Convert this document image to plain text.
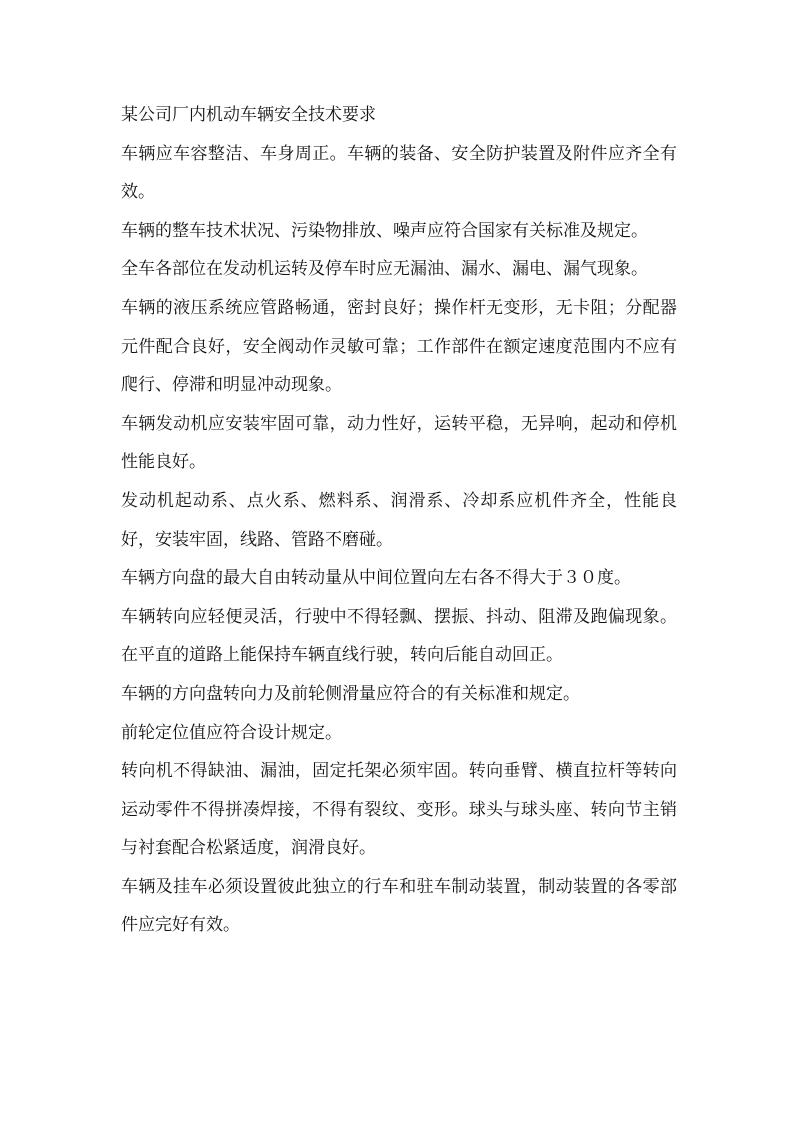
某公司厂内机动车辆安全技术要求

车辆应车容整洁、车身周正。车辆的装备、安全防护装置及附件应齐全有效。

车辆的整车技术状况、污染物排放、噪声应符合国家有关标准及规定。

全车各部位在发动机运转及停车时应无漏油、漏水、漏电、漏气现象。

车辆的液压系统应管路畅通，密封良好；操作杆无变形，无卡阻；分配器元件配合良好，安全阀动作灵敏可靠；工作部件在额定速度范围内不应有爬行、停滞和明显冲动现象。

车辆发动机应安装牢固可靠，动力性好，运转平稳，无异响，起动和停机性能良好。

发动机起动系、点火系、燃料系、润滑系、冷却系应机件齐全，性能良好，安装牢固，线路、管路不磨碰。

车辆方向盘的最大自由转动量从中间位置向左右各不得大于３０度。

车辆转向应轻便灵活，行驶中不得轻飘、摆振、抖动、阻滞及跑偏现象。在平直的道路上能保持车辆直线行驶，转向后能自动回正。

车辆的方向盘转向力及前轮侧滑量应符合的有关标准和规定。

前轮定位值应符合设计规定。

转向机不得缺油、漏油，固定托架必须牢固。转向垂臂、横直拉杆等转向运动零件不得拼凑焊接，不得有裂纹、变形。球头与球头座、转向节主销与衬套配合松紧适度，润滑良好。

车辆及挂车必须设置彼此独立的行车和驻车制动装置，制动装置的各零部件应完好有效。
